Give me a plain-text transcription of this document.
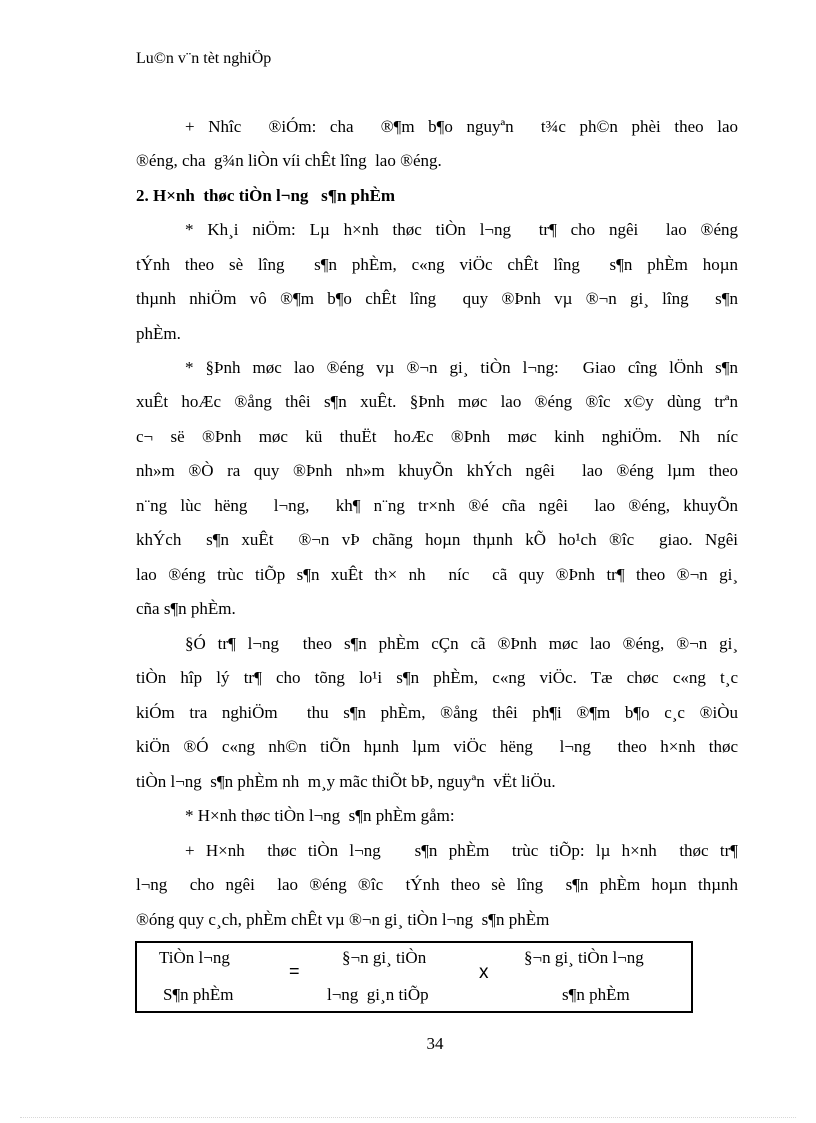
Lu©n v¨n tèt nghiÖp
+ Nhîc  ®iÓm: cha  ®¶m b¶o nguyªn  t¾c ph©n phèi theo lao
®éng, cha  g¾n liÒn víi chÊt lîng  lao ®éng.
2. H×nh  thøc tiÒn l¬ng   s¶n phÈm
* Kh¸i niÖm: Lµ h×nh thøc tiÒn l¬ng  tr¶ cho ngêi  lao ®éng
tÝnh theo sè lîng  s¶n phÈm, c«ng viÖc chÊt lîng  s¶n phÈm hoµn
thµnh nhiÖm vô ®¶m b¶o chÊt lîng  quy ®Þnh vµ ®¬n gi¸ lîng  s¶n
phÈm.
* §Þnh møc lao ®éng vµ ®¬n gi¸ tiÒn l¬ng:  Giao cîng lÖnh s¶n
xuÊt hoÆc ®ång thêi s¶n xuÊt. §Þnh møc lao ®éng ®îc x©y dùng trªn
c¬ së ®Þnh møc kü thuËt hoÆc ®Þnh møc kinh nghiÖm. Nh níc
nh»m ®Ò ra quy ®Þnh nh»m khuyÕn khÝch ngêi  lao ®éng lµm theo
n¨ng lùc hëng  l¬ng,  kh¶ n¨ng tr×nh ®é cña ngêi  lao ®éng, khuyÕn
khÝch  s¶n xuÊt  ®¬n vÞ chãng hoµn thµnh kÕ ho¹ch ®îc  giao. Ngêi
lao ®éng trùc tiÕp s¶n xuÊt th× nh  níc  cã quy ®Þnh tr¶ theo ®¬n gi¸
cña s¶n phÈm.
§Ó tr¶ l¬ng  theo s¶n phÈm cÇn cã ®Þnh møc lao ®éng, ®¬n gi¸
tiÒn hîp lý tr¶ cho tõng lo¹i s¶n phÈm, c«ng viÖc. Tæ chøc c«ng t¸c
kiÓm tra nghiÖm  thu s¶n phÈm, ®ång thêi ph¶i ®¶m b¶o c¸c ®iÒu
kiÖn ®Ó c«ng nh©n tiÕn hµnh lµm viÖc hëng  l¬ng  theo h×nh thøc
tiÒn l¬ng  s¶n phÈm nh  m¸y mãc thiÕt bÞ, nguyªn  vËt liÖu.
* H×nh thøc tiÒn l¬ng  s¶n phÈm gåm:
+ H×nh  thøc tiÒn l¬ng   s¶n phÈm  trùc tiÕp: lµ h×nh  thøc tr¶
l¬ng  cho ngêi  lao ®éng ®îc  tÝnh theo sè lîng  s¶n phÈm hoµn thµnh
®óng quy c¸ch, phÈm chÊt vµ ®¬n gi¸ tiÒn l¬ng  s¶n phÈm
TiÒn l¬ng
S¶n phÈm
=
§¬n gi¸ tiÒn
l¬ng  gi¸n tiÕp
x
§¬n gi¸ tiÒn l¬ng
s¶n phÈm
34
